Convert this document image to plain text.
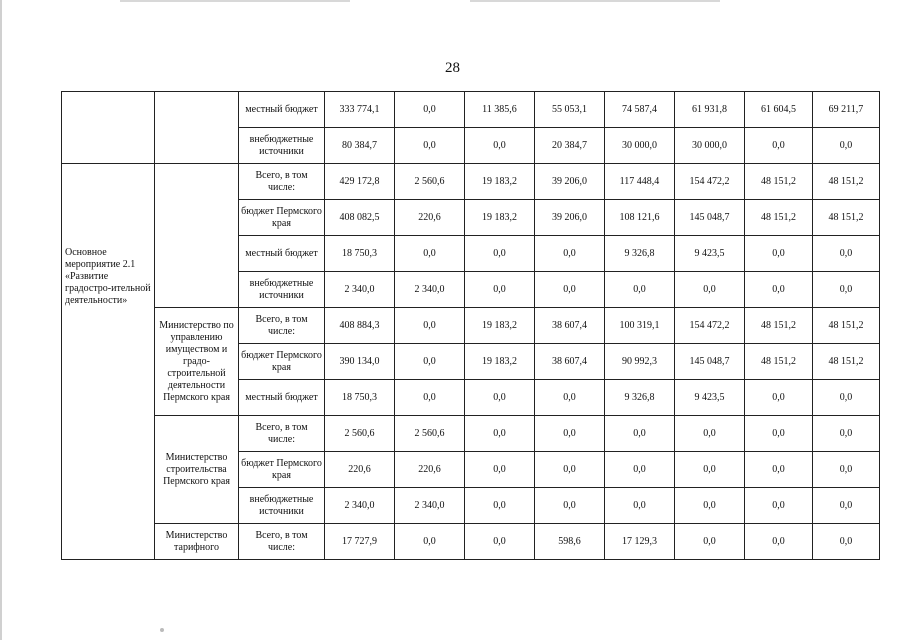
28
		местный бюджет	333 774,1	0,0	11 385,6	55 053,1	74 587,4	61 931,8	61 604,5	69 211,7
		внебюджетные источники	80 384,7	0,0	0,0	20 384,7	30 000,0	30 000,0	0,0	0,0
Основное мероприятие 2.1 «Развитие градостро-ительной деятельности»		Всего, в том числе:	429 172,8	2 560,6	19 183,2	39 206,0	117 448,4	154 472,2	48 151,2	48 151,2
		бюджет Пермского края	408 082,5	220,6	19 183,2	39 206,0	108 121,6	145 048,7	48 151,2	48 151,2
		местный бюджет	18 750,3	0,0	0,0	0,0	9 326,8	9 423,5	0,0	0,0
		внебюджетные источники	2 340,0	2 340,0	0,0	0,0	0,0	0,0	0,0	0,0
	Министерство по управлению имуществом и градо-строительной деятельности Пермского края	Всего, в том числе:	408 884,3	0,0	19 183,2	38 607,4	100 319,1	154 472,2	48 151,2	48 151,2
		бюджет Пермского края	390 134,0	0,0	19 183,2	38 607,4	90 992,3	145 048,7	48 151,2	48 151,2
		местный бюджет	18 750,3	0,0	0,0	0,0	9 326,8	9 423,5	0,0	0,0
	Министерство строительства Пермского края	Всего, в том числе:	2 560,6	2 560,6	0,0	0,0	0,0	0,0	0,0	0,0
		бюджет Пермского края	220,6	220,6	0,0	0,0	0,0	0,0	0,0	0,0
		внебюджетные источники	2 340,0	2 340,0	0,0	0,0	0,0	0,0	0,0	0,0
	Министерство тарифного	Всего, в том числе:	17 727,9	0,0	0,0	598,6	17 129,3	0,0	0,0	0,0
